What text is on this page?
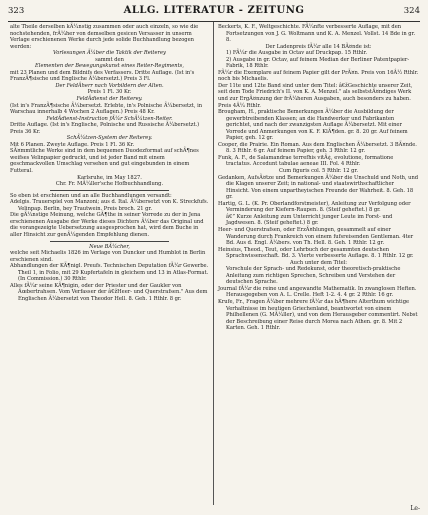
323	ALLG. LITERATUR - ZEITUNG	324

alte Theile derselben kÃ¼nstig zusammen oder auch einzeln, so wie die nochstehenden, frÃ¼her von demselben gesicen Versasser in unserm Verlage erschienenen Werke durch jede solide Buchhandlung bezogen werden:

Vorlesungen Ã¼ber die Taktik der Reiterey

sammt den

Elementen der Bewegungskunst eines Reiter-Regiments,

mit 23 Planen und dem Bildnifs des Verfassers. Dritte Auflage. (Ist in's FranzÃ¶sische und Englische Ã¼bersetzt.) Preis 3 Fl.

Der FeldÂherr nach Vorbildern der Alten.

Preis 1 Fl. 30 Kr.

FeldÂdienst der Reiterey.

(Ist in's FranzÃ¶sische Ã¼bersetzt. Erlebte, in's Polnische Ã¼bersetzt, in Warschau innerhalb 4 Wochen 2 Auflagen.) Preis 48 Kr.

FeldÂdienst-Instruction fÃ¼r SchÃ¼tzen-Reiter.

Dritte Auflage. (Ist in's Englische, Polnische und Russische Ã¼bersetzt.) Preis 36 Kr.

SchÃ¼tzen-System der Reiterey.

Mit 6 Planen. Zweyte Auflage. Preis 1 Fl. 36 Kr.

SÃ¤mmtliche Werke sind in dem bequemen Duodezformat auf schÃ¶nes weifses Velinpapier gedruckt, und ist jeder Band mit einem geschmackvollen Umschlag versehen und gut eingebunden in einem Futteral.

Karlsruhe, im May 1827.

Chr. Fr. MÃ¼ller'sche Hofbuchhandlung.

So eben ist erschienen und an alle Buchhandlungen versandt:

Adelgis. Trauerspiel von Manzoni; aus d. Ital. Ã¼bersetzt von K. Streckfufs. Velinpap. Berlin, bey Trautwein. Preis broch. 21 gr.

Die gÃ¼nstige Meinung, welche GÃ¶the in seiner Vorrede zu der in Jena erschienenen Ausgabe der Werke dieses Dichters Ã¼ber das Original und die vorangezeigte Uebersetzung ausgesprochen hat, wird dem Buche in aller Hinsicht zur genÃ¼genden Empfehlung dienen.

Neue BÃ¼cher,

welche seit Michaelis 1826 im Verlage von Duncker und Humblot in Berlin erschienen sind.

Abhandlungen der KÃ¶nigl. Preufs. Technischen Deputation fÃ¼r Gewerbe. Theil 1, in Folio, mit 29 Kupfertafeln in gleichem und 13 in Atlas-Format. (In Commission.) 30 Rthlr.

Alles fÃ¼r seine KÃ¶nigin, oder der Priester und der Gaukler von Ãœbertrahsen. Vom Verfasser der â€žHeer- und Querstrafsen." Aus dem Englischen Ã¼bersetzt von Theodor Hell. 8. Geh. 1 Rthlr. 8 gr.

Beckerts, K. F., Weltgeschichte. FÃ¼nfte verbesserte Auflage, mit den Fortsetzungen von J. G. Woltmann und K. A. Menzel. Vollst. 14 Bde in gr. 8.

Der Ladenpreis fÃ¼r alle 14 BÃ¤nde ist:

1) FÃ¼r die Ausgabe in Octav auf Druckpap. 15 Rthlr.

2) Ausgabe in gr. Octav, auf feinem Median der Berliner Patentpapier-Fabrik, 18 Rthlr.

FÃ¼r die Exemplare auf feinem Papier gilt der PrÃ¤n. Preis von 16Â½ Rthlr. noch bis Michaelis.

Der 11te und 12te Band sind unter dem Titel: â€žGeschichte unserer Zeit, seit dem Tode Friedrich's II. von K. A. Menzel." als selbststÃ¤ndiges Werk und zur ErgÃ¤nzung der frÃ¼heren Ausgaben, auch besonders zu haben. Preis 4Â¼ Rthlr.

Brougham, H., praktische Bemerkungen Ã¼ber die Ausbildung der gewerbtreibenden Klassen; an die Handwerker und Fabrikanten gerichtet, und nach der zwanzigsten Auflage Ã¼bersetzt. Mit einer Vorrede und Anmerkungen von K. F. KlÃ¶den. gr. 8. 20 gr. Auf feinem Papier, geh. 12 gr.

Cooper, die Prairie. Ein Roman. Aus dem Englischen Ã¼bersetzt. 3 BÃ¤nde. 8. 3 Rthlr. 6 gr. Auf feinem Papier, geh. 3 Rthlr. 12 gr.

Funk, A. F., de Salamandrae terrefhis vitÃ¢, evolutione, formatione tractatus. Accedunt tabulae aeneae III. Fol. 4 Rthlr.

Cum figuris col. 5 Rthlr. 12 gr.

Gedanken, AufsÃ¤tze und Bemerkungen Ã¼ber die Unschuld und Noth, und die Klagen unserer Zeit; in national- und staatswirthschaftlicher Hinsicht. Von einem unpartheyischen Freunde der Wahrheit. 8. Geh. 18 gr.

Hartig, G. L. (K. Pr. Oberlandforstmeister), Anleitung zur Verfolgung oder Verminderung der Kiefern-Raupen. 8. (Steif geheftet.) 8 gr.

â€” Kurze Anleitung zum Unterricht junger Leute im Forst- und Jagdwesen. 8. (Steif geheftet.) 8 gr.

Heer- und Querstrafsen, oder ErzÃ¤hlungen, gesammelt auf einer Wanderung durch Frankreich von einem fufsreisenden Gentleman. 4ter Bd. Aus d. Engl. Ã¼bers. von Th. Hell. 8. Geh. 1 Rthlr. 12 gr.

Heinsius, Theod., Teut, oder Lehrbuch der gesammten deutschen Sprachwissenschaft. Bd. 3. Vierte verbesserte Auflage. 8. 1 Rthlr. 12 gr.

Auch unter dem Titel:

Vorschule der Sprach- und Redekunst, oder theoretisch-praktische Anleitung zum richtigen Sprechen, Schreiben und Verstehen der deutschen Sprache.

Journal fÃ¼r die reine und angewandte Mathematik. In zwanglosen Heften. Herausgegeben von A. L. Crelle. Heft 1-2. 4. 4 gr. 2 Rthlr. 16 gr.

Krufe, Fr., Fragen Ã¼ber mehrere fÃ¼r das hÃ¶here Alterthum wichtige Verhaltnisse im heutigen Griechenland, beantwortet von einem Philhellenen (G. MÃ¼ller), und von dem Herausgeber commentirt. Nebst der Beschreibung einer Reise durch Morea nach Athen. gr. 8. Mit 2 Karten. Geh. 1 Rthlr.

Le-
